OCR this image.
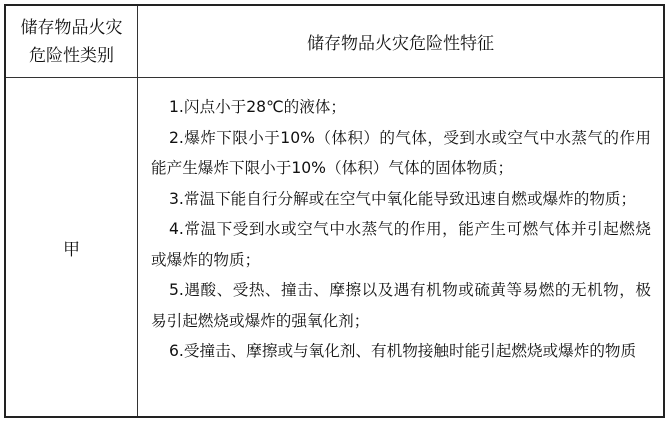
储存物品火灾
危险性类别
储存物品火灾危险性特征
甲

1.闪点小于28℃的液体；

2.爆炸下限小于10%（体积）的气体，受到水或空气中水蒸气的作用能产生爆炸下限小于10%（体积）气体的固体物质；

3.常温下能自行分解或在空气中氧化能导致迅速自燃或爆炸的物质；

4.常温下受到水或空气中水蒸气的作用，能产生可燃气体并引起燃烧或爆炸的物质；

5.遇酸、受热、撞击、摩擦以及遇有机物或硫黄等易燃的无机物，极易引起燃烧或爆炸的强氧化剂；

6.受撞击、摩擦或与氧化剂、有机物接触时能引起燃烧或爆炸的物质
